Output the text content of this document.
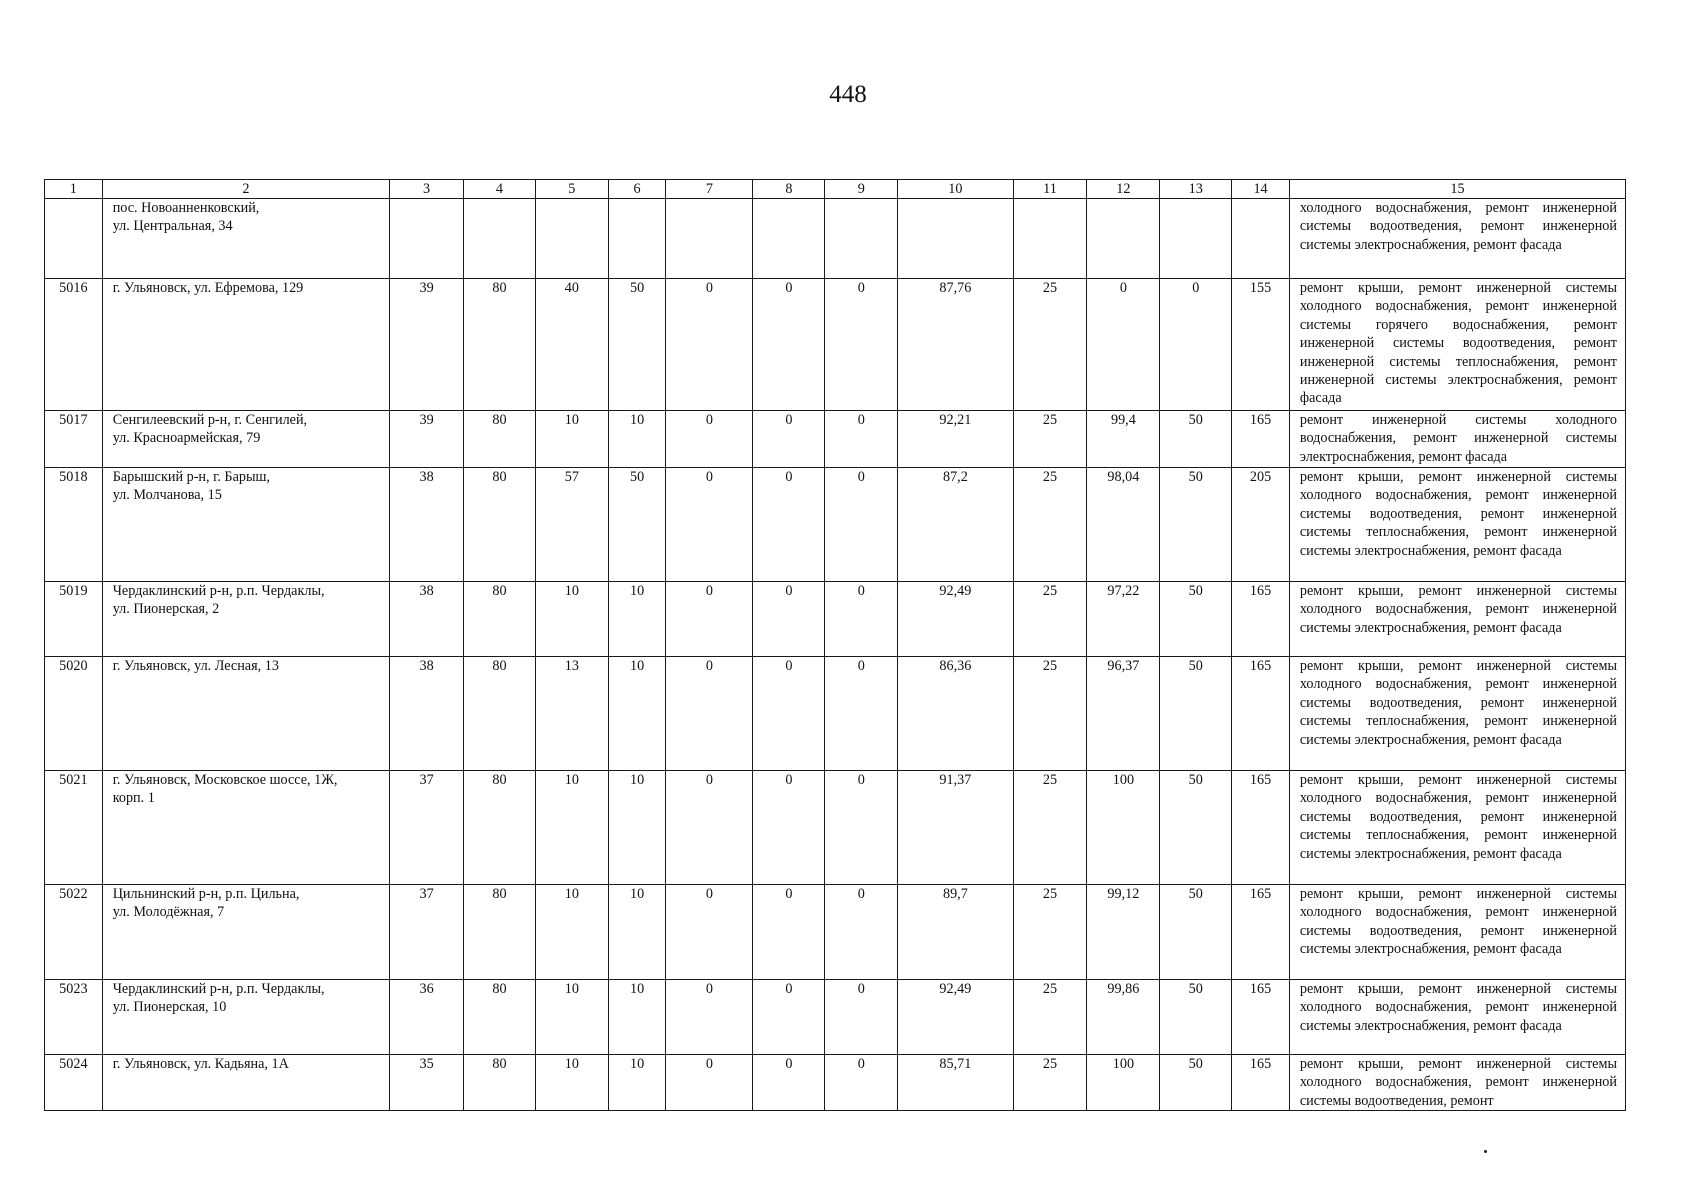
448
1	2	3	4	5	6	7	8	9	10	11	12	13	14	15

	пос. Новоанненковский,
ул. Центральная, 34													холодного водоснабжения, ремонт инженерной системы водоотведения, ремонт инженерной системы электроснабжения, ремонт фасада
5016	г. Ульяновск, ул. Ефремова, 129	39	80	40	50	0	0	0	87,76	25	0	0	155	ремонт крыши, ремонт инженерной системы холодного водоснабжения, ремонт инженерной системы горячего водоснабжения, ремонт инженерной системы водоотведения, ремонт инженерной системы теплоснабжения, ремонт инженерной системы электроснабжения, ремонт фасада
5017	Сенгилеевский р-н, г. Сенгилей,
ул. Красноармейская, 79	39	80	10	10	0	0	0	92,21	25	99,4	50	165	ремонт инженерной системы холодного водоснабжения, ремонт инженерной системы электроснабжения, ремонт фасада
5018	Барышский р-н, г. Барыш,
ул. Молчанова, 15	38	80	57	50	0	0	0	87,2	25	98,04	50	205	ремонт крыши, ремонт инженерной системы холодного водоснабжения, ремонт инженерной системы водоотведения, ремонт инженерной системы теплоснабжения, ремонт инженерной системы электроснабжения, ремонт фасада
5019	Чердаклинский р-н, р.п. Чердаклы,
ул. Пионерская, 2	38	80	10	10	0	0	0	92,49	25	97,22	50	165	ремонт крыши, ремонт инженерной системы холодного водоснабжения, ремонт инженерной системы электроснабжения, ремонт фасада
5020	г. Ульяновск, ул. Лесная, 13	38	80	13	10	0	0	0	86,36	25	96,37	50	165	ремонт крыши, ремонт инженерной системы холодного водоснабжения, ремонт инженерной системы водоотведения, ремонт инженерной системы теплоснабжения, ремонт инженерной системы электроснабжения, ремонт фасада
5021	г. Ульяновск, Московское шоссе, 1Ж,
корп. 1	37	80	10	10	0	0	0	91,37	25	100	50	165	ремонт крыши, ремонт инженерной системы холодного водоснабжения, ремонт инженерной системы водоотведения, ремонт инженерной системы теплоснабжения, ремонт инженерной системы электроснабжения, ремонт фасада
5022	Цильнинский р-н, р.п. Цильна,
ул. Молодёжная, 7	37	80	10	10	0	0	0	89,7	25	99,12	50	165	ремонт крыши, ремонт инженерной системы холодного водоснабжения, ремонт инженерной системы водоотведения, ремонт инженерной системы электроснабжения, ремонт фасада
5023	Чердаклинский р-н, р.п. Чердаклы,
ул. Пионерская, 10	36	80	10	10	0	0	0	92,49	25	99,86	50	165	ремонт крыши, ремонт инженерной системы холодного водоснабжения, ремонт инженерной системы электроснабжения, ремонт фасада
5024	г. Ульяновск, ул. Кадьяна, 1А	35	80	10	10	0	0	0	85,71	25	100	50	165	ремонт крыши, ремонт инженерной системы холодного водоснабжения, ремонт инженерной системы водоотведения, ремонт
